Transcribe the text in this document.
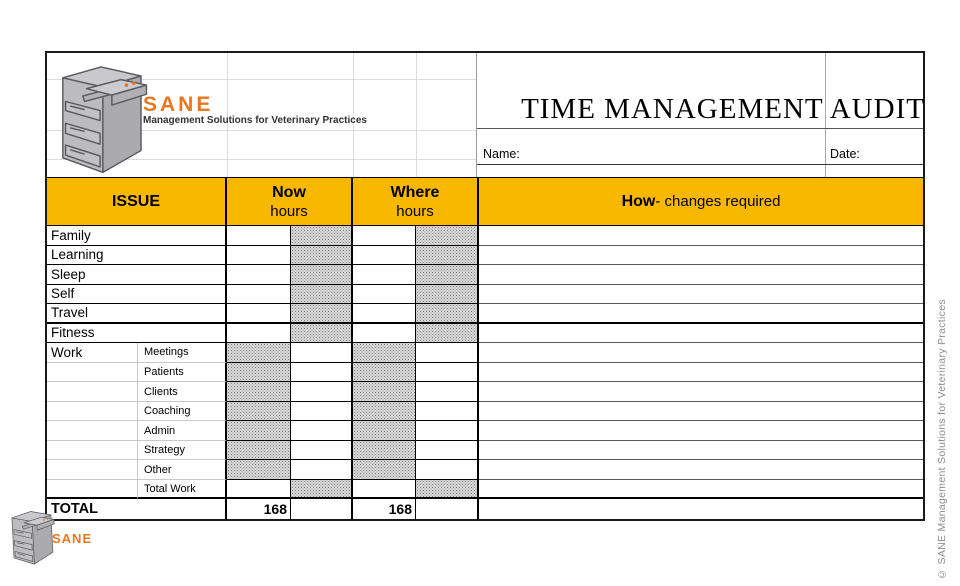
SANE
Management Solutions for Veterinary Practices	TIME MANAGEMENT AUDIT
Name:	Date:
ISSUE
Now
hours
Where
hours
How - changes required
Family
Learning
Sleep
Self
Travel
Fitness
Work	Meetings
Patients
Clients
Coaching
Admin
Strategy
Other
Total Work
TOTAL	168	168
SANE	© SANE Management Solutions for Veterinary Practices
